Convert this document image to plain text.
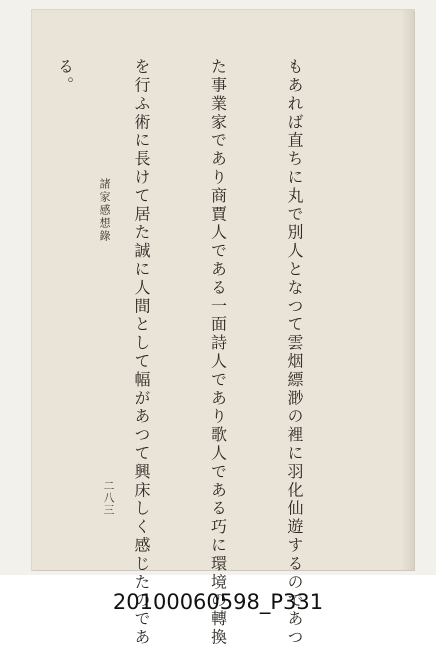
もあれば直ちに丸で別人となつて雲烟縹渺の裡に羽化仙遊するのであつ

た事業家であり商賈人である一面詩人であり歌人である巧に環境の轉換

を行ふ術に長けて居た誠に人間として幅があつて興床しく感じたのであ

る。

諸家感想錄
二八三
20100060598_P331
